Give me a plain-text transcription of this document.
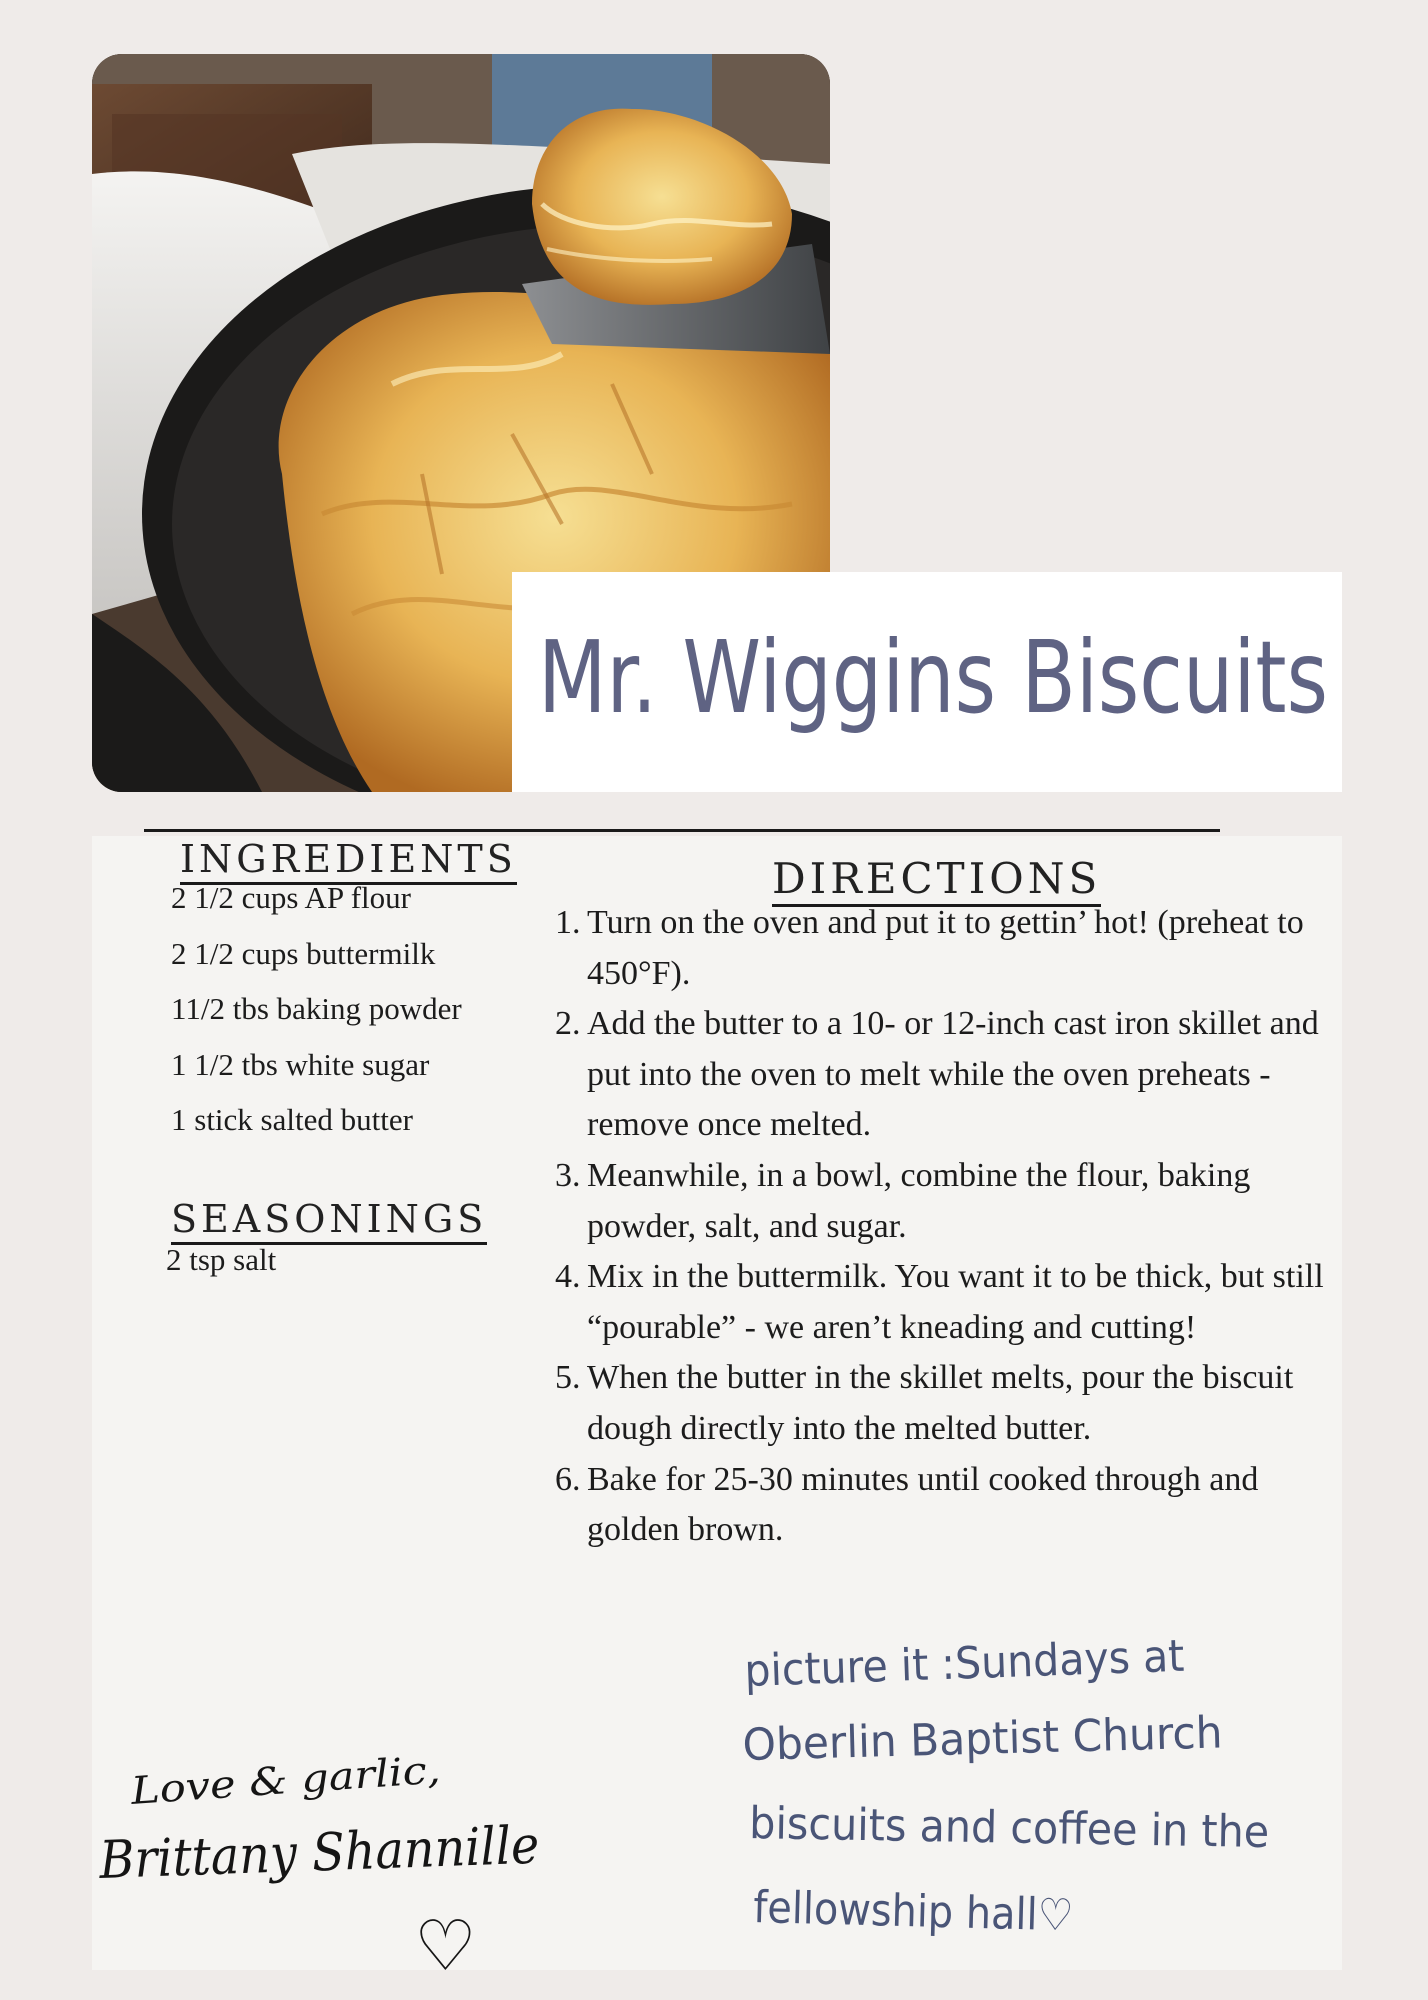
Mr. Wiggins Biscuits
INGREDIENTS
2 1/2 cups AP flour
2 1/2 cups buttermilk
11/2 tbs baking powder
1 1/2 tbs white sugar
1 stick salted butter
SEASONINGS
2 tsp salt
DIRECTIONS
1. Turn on the oven and put it to gettin’ hot! (preheat to 450°F).
2. Add the butter to a 10- or 12-inch cast iron skillet and put into the oven to melt while the oven preheats - remove once melted.
3. Meanwhile, in a bowl, combine the flour, baking powder, salt, and sugar.
4. Mix in the buttermilk. You want it to be thick, but still “pourable” - we aren’t kneading and cutting!
5. When the butter in the skillet melts, pour the biscuit dough directly into the melted butter.
6. Bake for 25-30 minutes until cooked through and golden brown.
picture it :Sundays at
Oberlin Baptist Church
biscuits and coffee in the
fellowship hall♡
Love & garlic,
Brittany Shannille
♡
